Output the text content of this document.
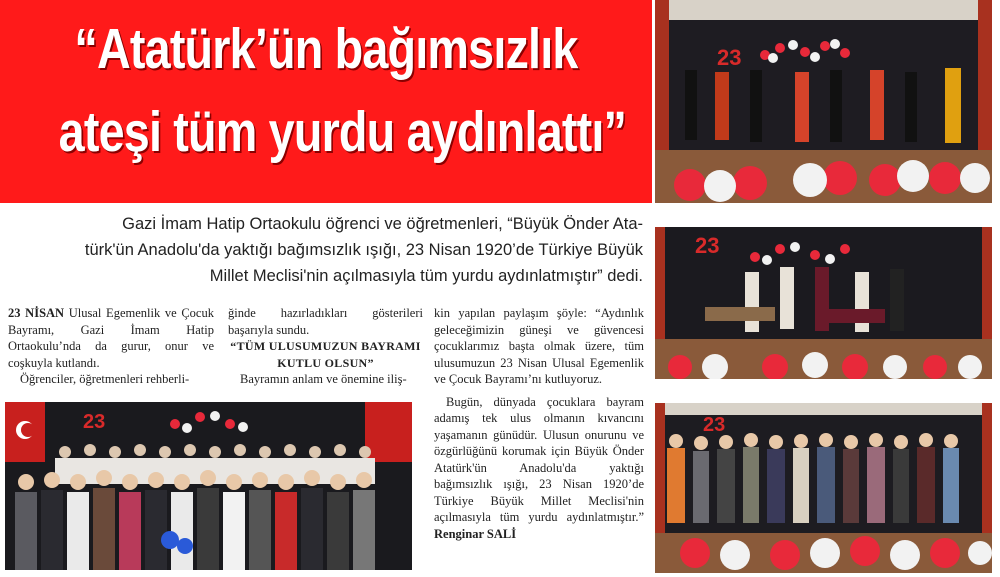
“Atatürk’ün bağımsızlık
ateşi tüm yurdu aydınlattı”
Gazi İmam Hatip Ortaokulu öğrenci ve öğretmenleri, “Büyük Önder Ata-
türk'ün Anadolu'da yaktığı bağımsızlık ışığı, 23 Nisan 1920’de Türkiye Büyük
Millet Meclisi'nin açılmasıyla tüm yurdu aydınlatmıştır” dedi.

23 NİSAN Ulusal Egemenlik ve Çocuk Bayramı, Gazi İmam Hatip Ortaokulu’nda da gurur, onur ve coşkuyla kutlandı.

Öğrenciler, öğretmenleri rehberli-

ğinde hazırladıkları gösterileri başarıyla sundu.

“TÜM ULUSUMUZUN BAYRAMI KUTLU OLSUN”

Bayramın anlam ve önemine iliş-

kin yapılan paylaşım şöyle: “Aydınlık geleceğimizin güneşi ve güvencesi çocuklarımız başta olmak üzere, tüm ulusumuzun 23 Nisan Ulusal Egemenlik ve Çocuk Bayramı’nı kutluyoruz.

Bugün, dünyada çocuklara bayram adamış tek ulus olmanın kıvancını yaşamanın günüdür. Ulusun onurunu ve özgürlüğünü korumak için Büyük Önder Atatürk'ün Anadolu'da yaktığı bağımsızlık ışığı, 23 Nisan 1920’de Türkiye Büyük Millet Meclisi'nin açılmasıyla tüm yurdu aydınlatmıştır.” Renginar SALİ

23
23
23
23
